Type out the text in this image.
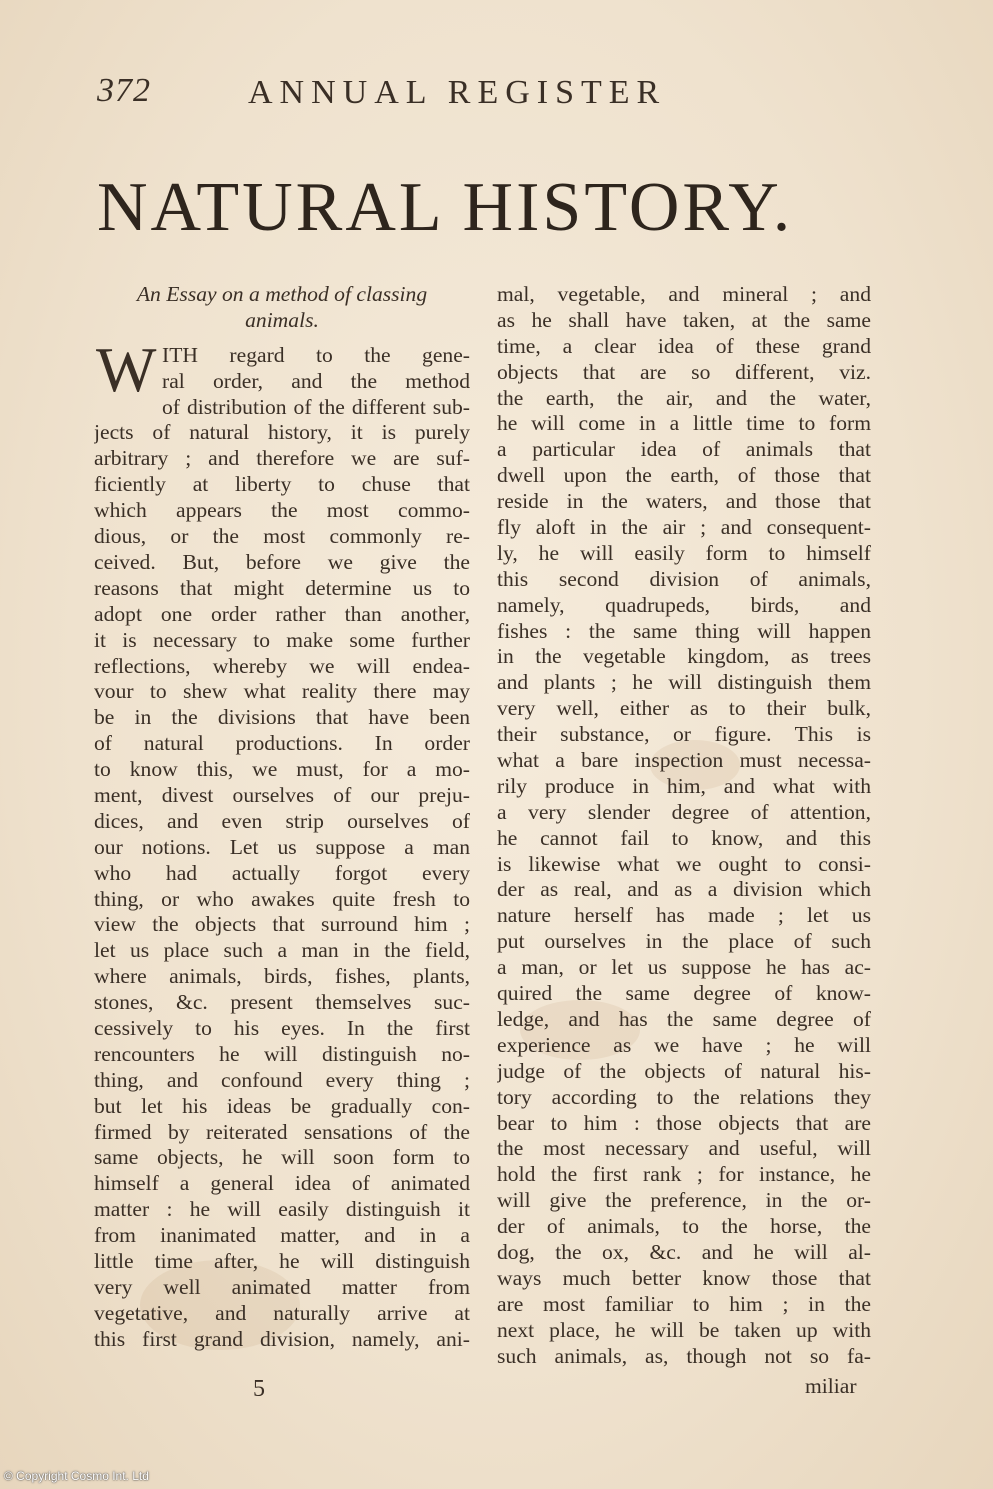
372	ANNUAL REGISTER
NATURAL HISTORY.
An Essay on a method of classing
animals.
W ITH regard to the gene-
ral order, and the method
of distribution of the different sub-
jects of natural history, it is purely
arbitrary ; and therefore we are suf-
ficiently at liberty to chuse that
which appears the most commo-
dious, or the most commonly re-
ceived. But, before we give the
reasons that might determine us to
adopt one order rather than another,
it is necessary to make some further
reflections, whereby we will endea-
vour to shew what reality there may
be in the divisions that have been
of natural productions. In order
to know this, we must, for a mo-
ment, divest ourselves of our preju-
dices, and even strip ourselves of
our notions. Let us suppose a man
who had actually forgot every
thing, or who awakes quite fresh to
view the objects that surround him ;
let us place such a man in the field,
where animals, birds, fishes, plants,
stones, &c. present themselves suc-
cessively to his eyes. In the first
rencounters he will distinguish no-
thing, and confound every thing ;
but let his ideas be gradually con-
firmed by reiterated sensations of the
same objects, he will soon form to
himself a general idea of animated
matter : he will easily distinguish it
from inanimated matter, and in a
little time after, he will distinguish
very well animated matter from
vegetative, and naturally arrive at
this first grand division, namely, ani-
mal, vegetable, and mineral ; and
as he shall have taken, at the same
time, a clear idea of these grand
objects that are so different, viz.
the earth, the air, and the water,
he will come in a little time to form
a particular idea of animals that
dwell upon the earth, of those that
reside in the waters, and those that
fly aloft in the air ; and consequent-
ly, he will easily form to himself
this second division of animals,
namely, quadrupeds, birds, and
fishes : the same thing will happen
in the vegetable kingdom, as trees
and plants ; he will distinguish them
very well, either as to their bulk,
their substance, or figure. This is
what a bare inspection must necessa-
rily produce in him, and what with
a very slender degree of attention,
he cannot fail to know, and this
is likewise what we ought to consi-
der as real, and as a division which
nature herself has made ; let us
put ourselves in the place of such
a man, or let us suppose he has ac-
quired the same degree of know-
ledge, and has the same degree of
experience as we have ; he will
judge of the objects of natural his-
tory according to the relations they
bear to him : those objects that are
the most necessary and useful, will
hold the first rank ; for instance, he
will give the preference, in the or-
der of animals, to the horse, the
dog, the ox, &c. and he will al-
ways much better know those that
are most familiar to him ; in the
next place, he will be taken up with
such animals, as, though not so fa-
5	miliar
© Copyright Cosmo Int. Ltd
